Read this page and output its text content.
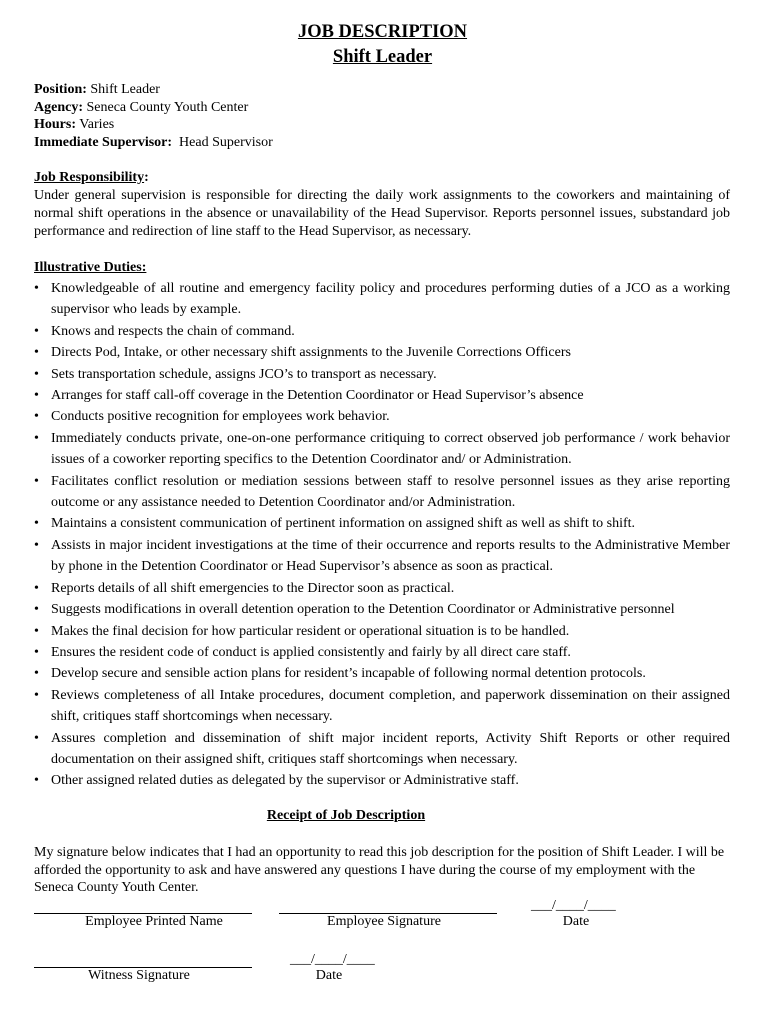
JOB DESCRIPTION
Shift Leader
Position: Shift Leader
Agency: Seneca County Youth Center
Hours: Varies
Immediate Supervisor: Head Supervisor
Job Responsibility:
Under general supervision is responsible for directing the daily work assignments to the coworkers and maintaining of normal shift operations in the absence or unavailability of the Head Supervisor. Reports personnel issues, substandard job performance and redirection of line staff to the Head Supervisor, as necessary.
Illustrative Duties:
• Knowledgeable of all routine and emergency facility policy and procedures performing duties of a JCO as a working supervisor who leads by example.
• Knows and respects the chain of command.
• Directs Pod, Intake, or other necessary shift assignments to the Juvenile Corrections Officers
• Sets transportation schedule, assigns JCO’s to transport as necessary.
• Arranges for staff call-off coverage in the Detention Coordinator or Head Supervisor’s absence
• Conducts positive recognition for employees work behavior.
• Immediately conducts private, one-on-one performance critiquing to correct observed job performance / work behavior issues of a coworker reporting specifics to the Detention Coordinator and/ or Administration.
• Facilitates conflict resolution or mediation sessions between staff to resolve personnel issues as they arise reporting outcome or any assistance needed to Detention Coordinator and/or Administration.
• Maintains a consistent communication of pertinent information on assigned shift as well as shift to shift.
• Assists in major incident investigations at the time of their occurrence and reports results to the Administrative Member by phone in the Detention Coordinator or Head Supervisor’s absence as soon as practical.
• Reports details of all shift emergencies to the Director soon as practical.
• Suggests modifications in overall detention operation to the Detention Coordinator or Administrative personnel
• Makes the final decision for how particular resident or operational situation is to be handled.
• Ensures the resident code of conduct is applied consistently and fairly by all direct care staff.
• Develop secure and sensible action plans for resident’s incapable of following normal detention protocols.
• Reviews completeness of all Intake procedures, document completion, and paperwork dissemination on their assigned shift, critiques staff shortcomings when necessary.
• Assures completion and dissemination of shift major incident reports, Activity Shift Reports or other required documentation on their assigned shift, critiques staff shortcomings when necessary.
• Other assigned related duties as delegated by the supervisor or Administrative staff.
Receipt of Job Description
My signature below indicates that I had an opportunity to read this job description for the position of Shift Leader. I will be afforded the opportunity to ask and have answered any questions I have during the course of my employment with the Seneca County Youth Center.
Employee Printed Name	Employee Signature
___/____/____
Date
Witness Signature
___/____/____
Date
